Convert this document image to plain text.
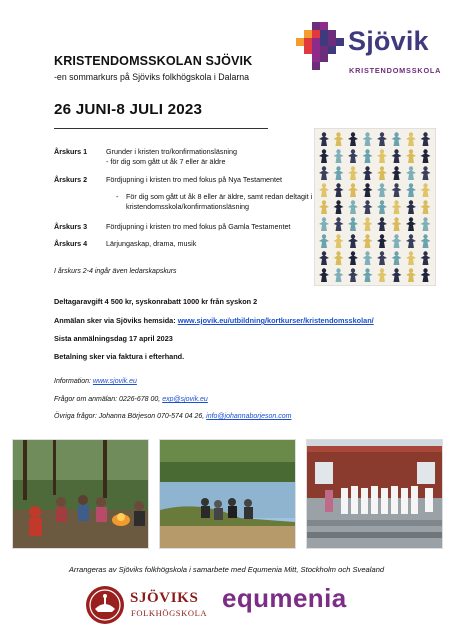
KRISTENDOMSSKOLAN SJÖVIK
-en sommarkurs på Sjöviks folkhögskola i Dalarna
26 JUNI-8 JULI 2023
Sjövik
KRISTENDOMSSKOLA
Årskurs 1	Grunder i kristen tro/konfirmationsläsning
- för dig som gått ut åk 7 eller är äldre
Årskurs 2	Fördjupning i kristen tro med fokus på Nya Testamentet
- För dig som gått ut åk 8 eller är äldre, samt redan deltagit i kristendomsskola/konfirmationsläsning
Årskurs 3	Fördjupning i kristen tro med fokus på Gamla Testamentet
Årskurs 4	Lärjungaskap, drama, musik
I årskurs 2-4 ingår även ledarskapskurs
Deltagaravgift 4 500 kr, syskonrabatt 1000 kr från syskon 2
Anmälan sker via Sjöviks hemsida: www.sjovik.eu/utbildning/kortkurser/kristendomsskolan/
Sista anmälningsdag 17 april 2023
Betalning sker via faktura i efterhand.
Information: www.sjovik.eu
Frågor om anmälan: 0226-678 00, exp@sjovik.eu
Övriga frågor: Johanna Börjeson 070-574 04 26, info@johannaborjeson.com
Arrangeras av Sjöviks folkhögskola i samarbete med Equmenia Mitt, Stockholm och Svealand
SJÖVIKS
FOLKHÖGSKOLA equmenia
